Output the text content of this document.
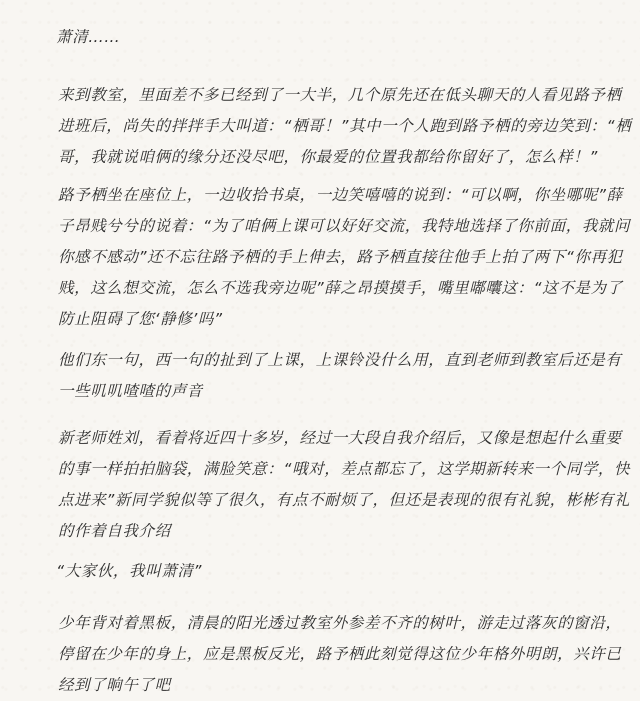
萧清……

来到教室，里面差不多已经到了一大半，几个原先还在低头聊天的人看见路予栖进班后，尚失的拌拌手大叫道：“栖哥！”其中一个人跑到路予栖的旁边笑到：“栖哥，我就说咱俩的缘分还没尽吧，你最爱的位置我都给你留好了，怎么样！”

路予栖坐在座位上，一边收拾书桌，一边笑嘻嘻的说到：“可以啊，你坐哪呢”薛子昂贱兮兮的说着：“为了咱俩上课可以好好交流，我特地选择了你前面，我就问你感不感动”还不忘往路予栖的手上伸去，路予栖直接往他手上拍了两下“你再犯贱，这么想交流，怎么不选我旁边呢”薛之昂摸摸手，嘴里嘟囔这：“这不是为了防止阻碍了您‘静修’吗”

他们东一句，西一句的扯到了上课，上课铃没什么用，直到老师到教室后还是有一些叽叽喳喳的声音

新老师姓刘，看着将近四十多岁，经过一大段自我介绍后，又像是想起什么重要的事一样拍拍脑袋，满脸笑意：“哦对，差点都忘了，这学期新转来一个同学，快点进来”新同学貌似等了很久，有点不耐烦了，但还是表现的很有礼貌，彬彬有礼的作着自我介绍

“大家伙，我叫萧清”

少年背对着黑板，清晨的阳光透过教室外参差不齐的树叶，游走过落灰的窗沿，停留在少年的身上，应是黑板反光，路予栖此刻觉得这位少年格外明朗，兴许已经到了晌午了吧
